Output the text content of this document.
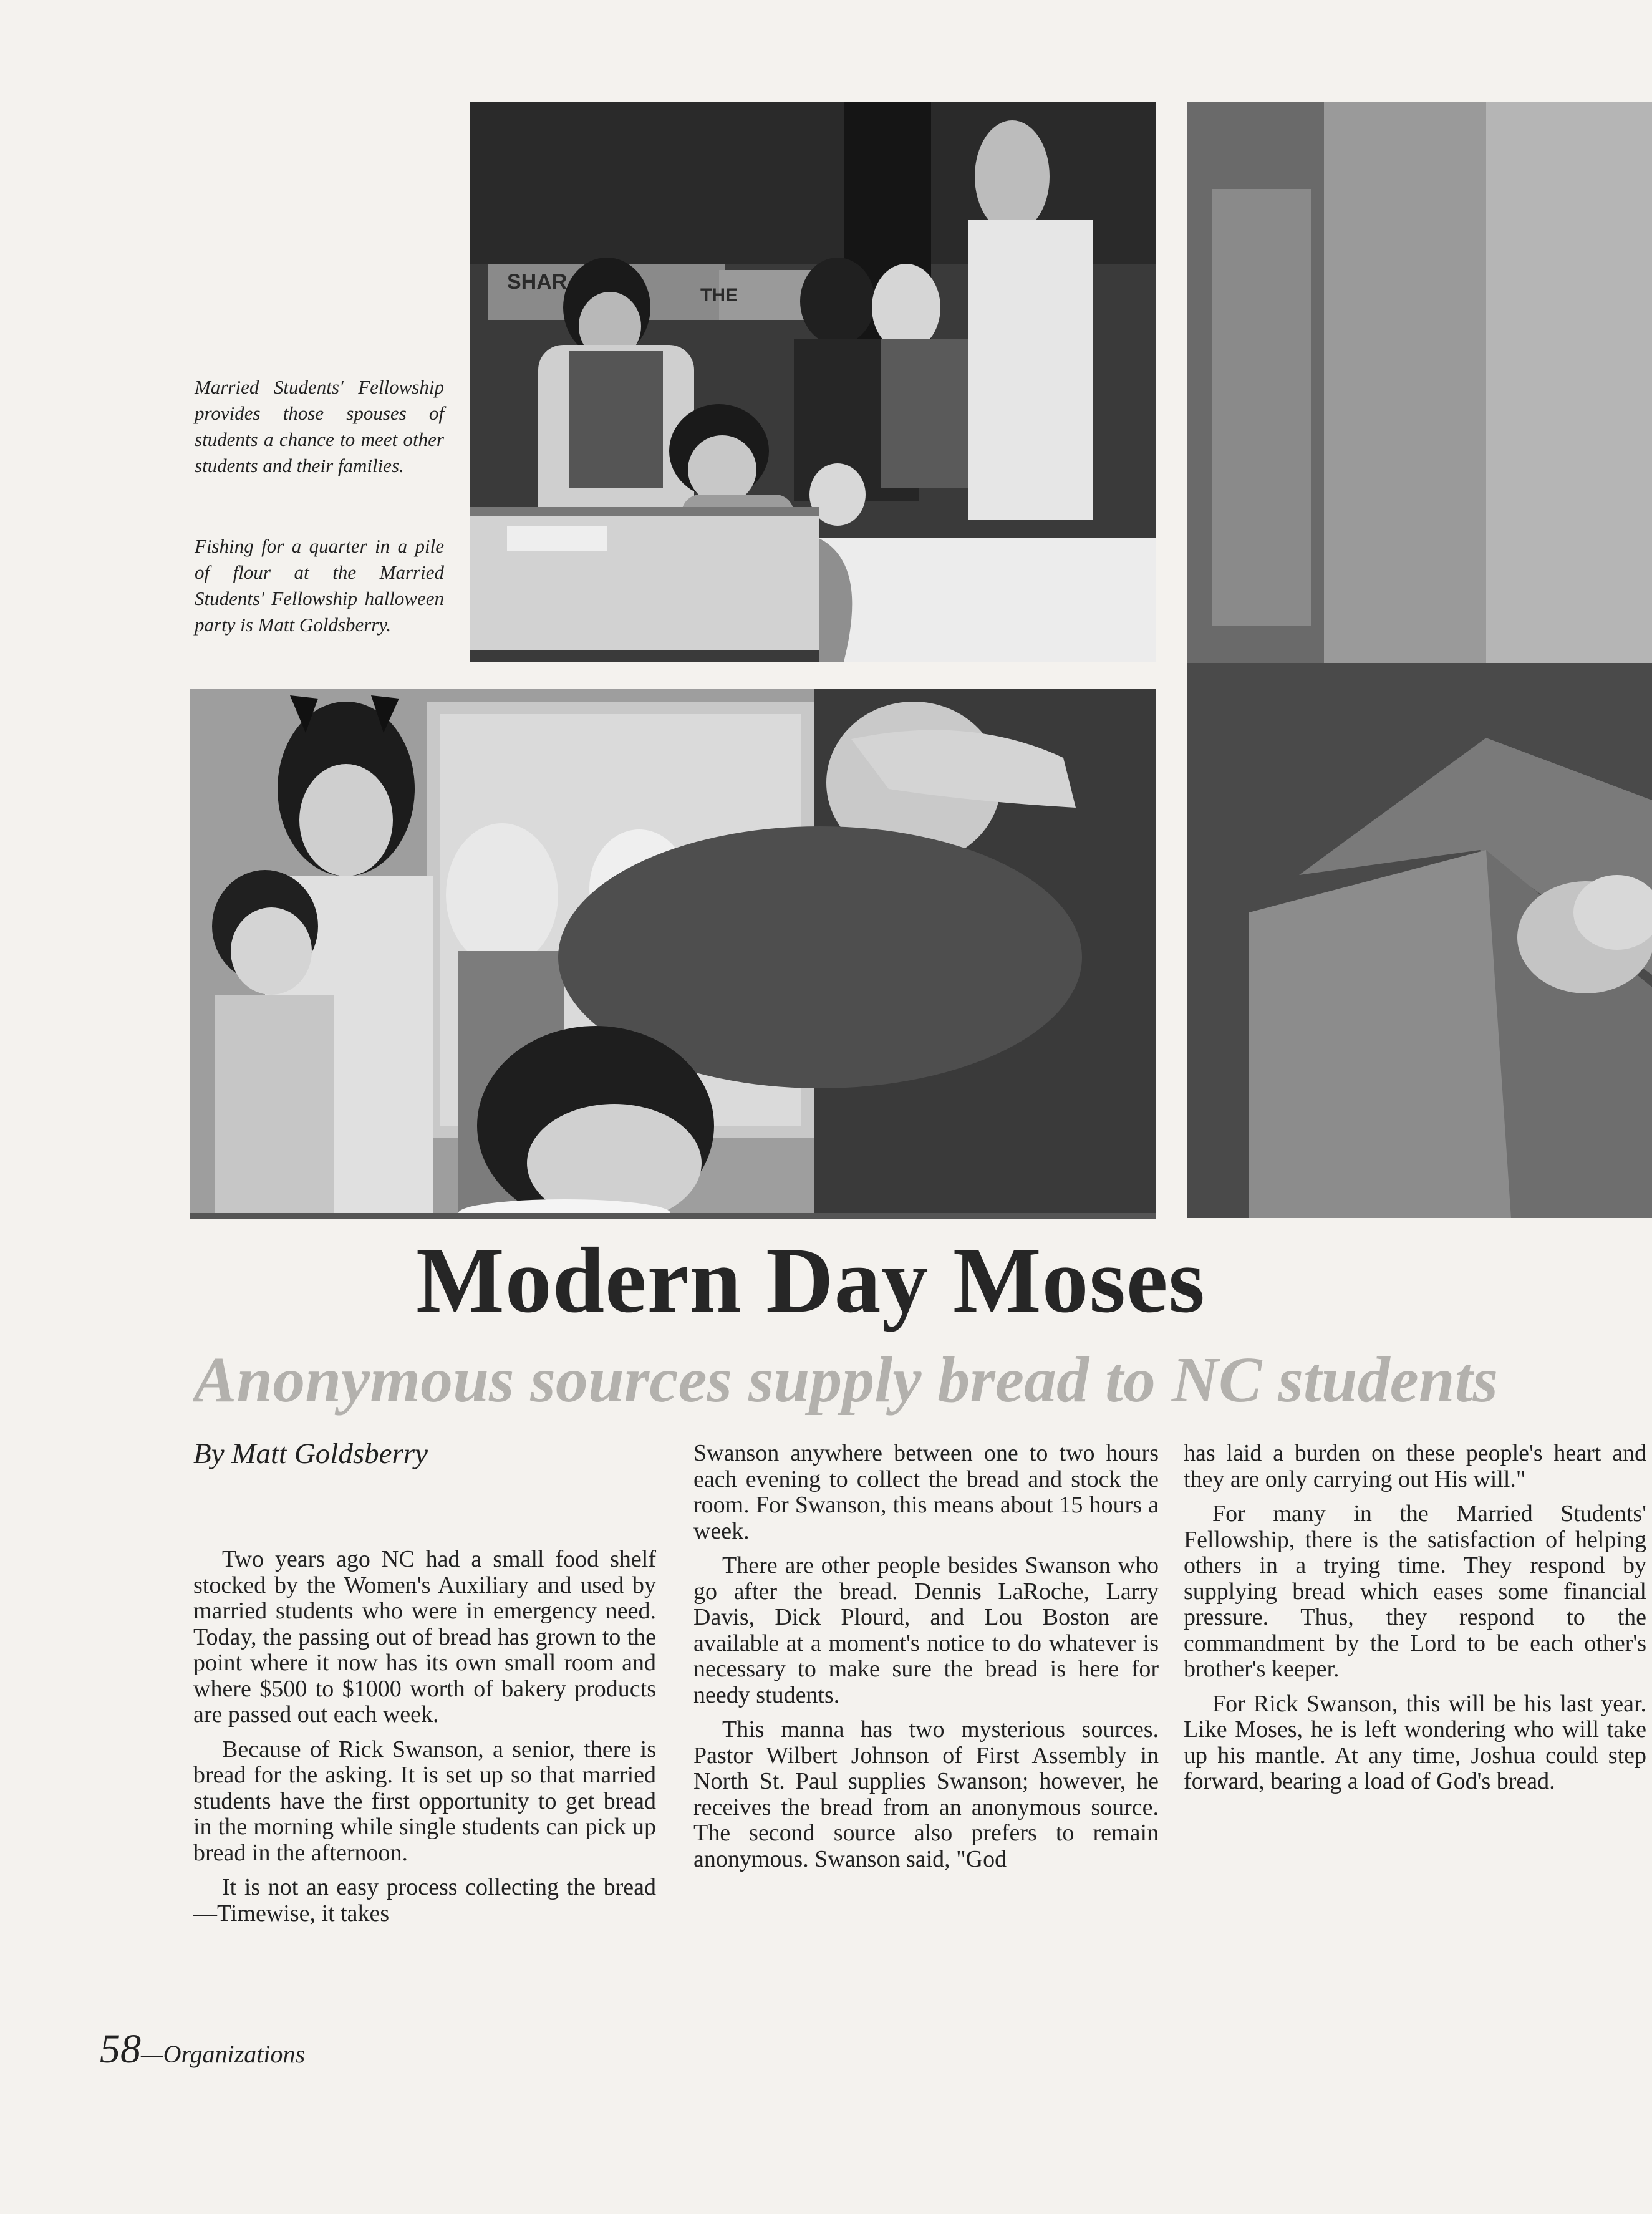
SHAR
THE

Married Students' Fellowship provides those spouses of students a chance to meet other students and their families.

Fishing for a quarter in a pile of flour at the Married Students' Fellowship halloween party is Matt Goldsberry.

Modern Day Moses
Anonymous sources supply bread to NC students

By Matt Goldsberry

Two years ago NC had a small food shelf stocked by the Women's Auxiliary and used by married students who were in emergency need. Today, the passing out of bread has grown to the point where it now has its own small room and where $500 to $1000 worth of bakery products are passed out each week.

Because of Rick Swanson, a senior, there is bread for the asking. It is set up so that married students have the first opportunity to get bread in the morning while single students can pick up bread in the afternoon.

It is not an easy process collecting the bread—Timewise, it takes

Swanson anywhere between one to two hours each evening to collect the bread and stock the room. For Swanson, this means about 15 hours a week.

There are other people besides Swanson who go after the bread. Dennis LaRoche, Larry Davis, Dick Plourd, and Lou Boston are available at a moment's notice to do whatever is necessary to make sure the bread is here for needy students.

This manna has two mysterious sources. Pastor Wilbert Johnson of First Assembly in North St. Paul supplies Swanson; however, he receives the bread from an anonymous source. The second source also prefers to remain anonymous. Swanson said, "God

has laid a burden on these people's heart and they are only carrying out His will."

For many in the Married Students' Fellowship, there is the satisfaction of helping others in a trying time. They respond by supplying bread which eases some financial pressure. Thus, they respond to the commandment by the Lord to be each other's brother's keeper.

For Rick Swanson, this will be his last year. Like Moses, he is left wondering who will take up his mantle. At any time, Joshua could step forward, bearing a load of God's bread.

58—Organizations
